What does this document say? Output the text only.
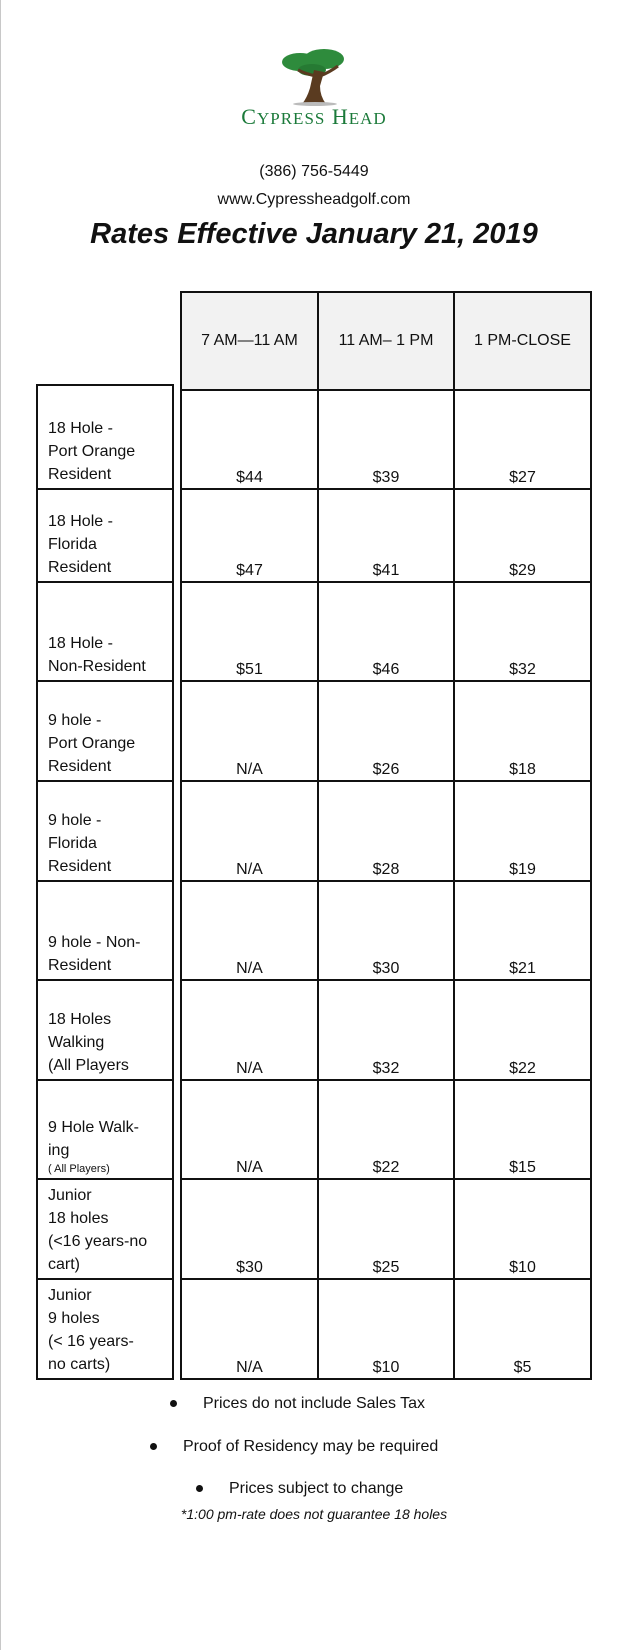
CYPRESS HEAD
(386) 756-5449
www.Cypressheadgolf.com
Rates Effective January 21, 2019
7 AM—11 AM	11 AM– 1 PM	1 PM-CLOSE
18 Hole -
Port Orange
Resident	$44	$39	$27
18 Hole -
Florida
Resident	$47	$41	$29
18 Hole -
Non-Resident	$51	$46	$32
9 hole -
Port Orange
Resident	N/A	$26	$18
9 hole -
Florida
Resident	N/A	$28	$19
9 hole - Non-
Resident	N/A	$30	$21
18 Holes
Walking
(All Players	N/A	$32	$22
9 Hole Walk-
ing
( All Players)	N/A	$22	$15
Junior
18 holes
(<16 years-no
cart)	$30	$25	$10
Junior
9 holes
(< 16 years-
no carts)	N/A	$10	$5
Prices do not include Sales Tax
Proof of Residency may be required
Prices subject to change
*1:00 pm-rate does not guarantee 18 holes
